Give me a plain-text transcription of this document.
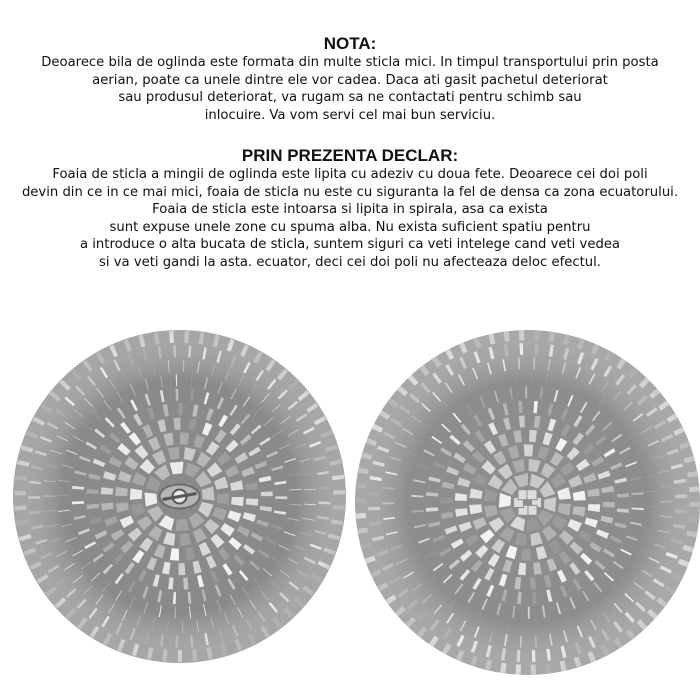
NOTA:
Deoarece bila de oglinda este formata din multe sticla mici. In timpul transportului prin posta
aerian, poate ca unele dintre ele vor cadea. Daca ati gasit pachetul deteriorat
sau produsul deteriorat, va rugam sa ne contactati pentru schimb sau
inlocuire. Va vom servi cel mai bun serviciu.
PRIN PREZENTA DECLAR:
Foaia de sticla a mingii de oglinda este lipita cu adeziv cu doua fete. Deoarece cei doi poli
devin din ce in ce mai mici, foaia de sticla nu este cu siguranta la fel de densa ca zona ecuatorului.
Foaia de sticla este intoarsa si lipita in spirala, asa ca exista
sunt expuse unele zone cu spuma alba. Nu exista suficient spatiu pentru
a introduce o alta bucata de sticla, suntem siguri ca veti intelege cand veti vedea
si va veti gandi la asta. ecuator, deci cei doi poli nu afecteaza deloc efectul.
